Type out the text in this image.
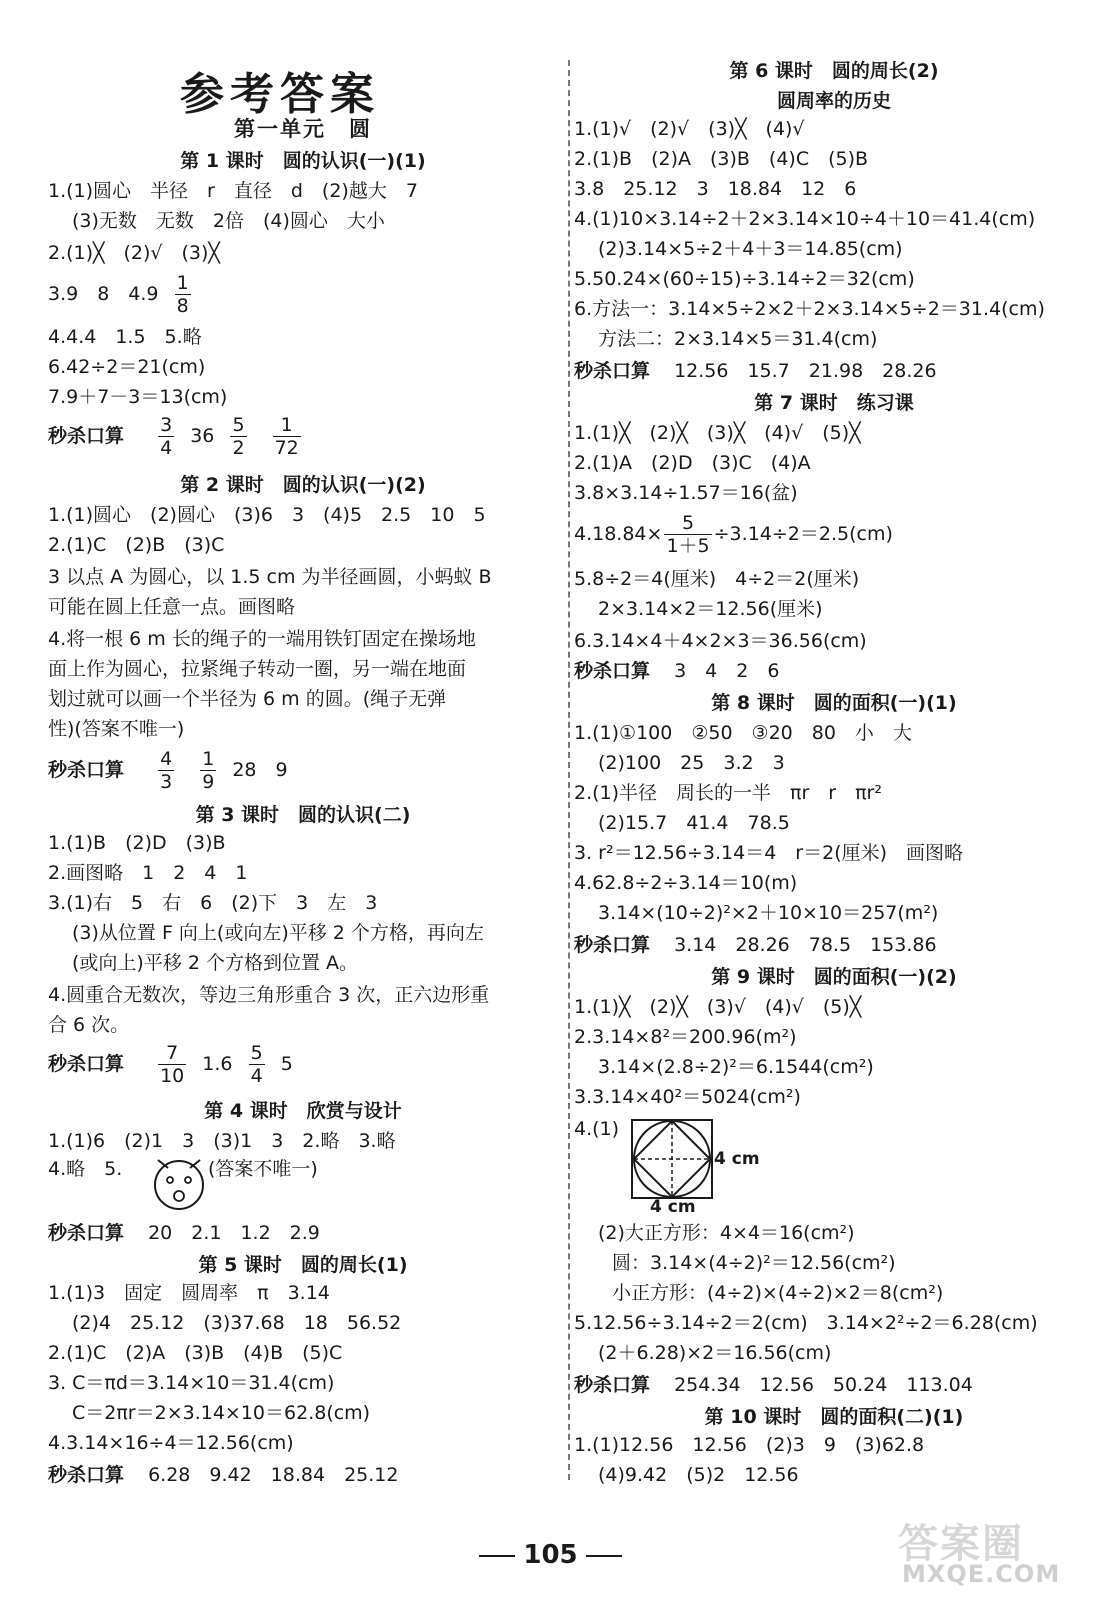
参考答案
第一单元　圆
第 1 课时　圆的认识(一)(1)
1.(1)圆心　半径　r　直径　d　(2)越大　7
(3)无数　无数　2倍　(4)圆心　大小
2.(1)╳　(2)√　(3)╳
3.9　8　$4.9 \frac{1}{8}$
4.4.4　1.5　5.略
6.42÷2＝21(cm)
7.9＋7－3＝13(cm)
秒杀口算 $\frac{3}{4} 36 \frac{5}{2}$
$\frac{1}{72}$
第 2 课时　圆的认识(一)(2)
1.(1)圆心　(2)圆心　(3)6　3　(4)5　2.5　10　5
2.(1)C　(2)B　(3)C
3 以点 A 为圆心，以 1.5 cm 为半径画圆，小蚂蚁 B
可能在圆上任意一点。画图略
4.将一根 6 m 长的绳子的一端用铁钉固定在操场地
面上作为圆心，拉紧绳子转动一圈，另一端在地面
划过就可以画一个半径为 6 m 的圆。(绳子无弹
性)(答案不唯一)
秒杀口算 $\frac{4}{3}$
$\frac{1}{9} 28$　9
第 3 课时　圆的认识(二)
1.(1)B　(2)D　(3)B
2.画图略　1　2　4　1
3.(1)右　5　右　6　(2)下　3　左　3
(3)从位置 F 向上(或向左)平移 2 个方格，再向左
(或向上)平移 2 个方格到位置 A。
4.圆重合无数次，等边三角形重合 3 次，正六边形重
合 6 次。
秒杀口算 $\frac{7}{10} 1.6 \frac{5}{4} 5$
第 4 课时　欣赏与设计
1.(1)6　(2)1　3　(3)1　3　2.略　3.略
4.略　5.	(答案不唯一)
秒杀口算 20　2.1　1.2　2.9
第 5 课时　圆的周长(1)
1.(1)3　固定　圆周率　π　3.14
(2)4　25.12　(3)37.68　18　56.52
2.(1)C　(2)A　(3)B　(4)B　(5)C
3. C＝πd＝3.14×10＝31.4(cm)
C＝2πr＝2×3.14×10＝62.8(cm)
4.3.14×16÷4＝12.56(cm)
秒杀口算 6.28　9.42　18.84　25.12
第 6 课时　圆的周长(2)
圆周率的历史
1.(1)√　(2)√　(3)╳　(4)√
2.(1)B　(2)A　(3)B　(4)C　(5)B
3.8　25.12　3　18.84　12　6
4.(1)10×3.14÷2＋2×3.14×10÷4＋10＝41.4(cm)
(2)3.14×5÷2＋4＋3＝14.85(cm)
5.50.24×(60÷15)÷3.14÷2＝32(cm)
6.方法一：3.14×5÷2×2＋2×3.14×5÷2＝31.4(cm)
方法二：2×3.14×5＝31.4(cm)
秒杀口算 12.56　15.7　21.98　28.26
第 7 课时　练习课
1.(1)╳　(2)╳　(3)╳　(4)√　(5)╳
2.(1)A　(2)D　(3)C　(4)A
3.8×3.14÷1.57＝16(盆)
$4.18.84\times \frac{5}{1+5} \div 3.14\div 2=2.5(cm)$
5.8÷2＝4(厘米)　4÷2＝2(厘米)
2×3.14×2＝12.56(厘米)
6.3.14×4＋4×2×3＝36.56(cm)
秒杀口算 3　4　2　6
第 8 课时　圆的面积(一)(1)
1.(1)①100　②50　③20　80　小　大
(2)100　25　3.2　3
2.(1)半径　周长的一半　πr　r　πr²
(2)15.7　41.4　78.5
3. r²＝12.56÷3.14＝4　r＝2(厘米)　画图略
4.62.8÷2÷3.14＝10(m)
3.14×(10÷2)²×2＋10×10＝257(m²)
秒杀口算 3.14　28.26　78.5　153.86
第 9 课时　圆的面积(一)(2)
1.(1)╳　(2)╳　(3)√　(4)√　(5)╳
2.3.14×8²＝200.96(m²)
3.14×(2.8÷2)²＝6.1544(cm²)
3.3.14×40²＝5024(cm²)
4.(1)
4 cm
4 cm
(2)大正方形：4×4＝16(cm²)
圆：3.14×(4÷2)²＝12.56(cm²)
小正方形：(4÷2)×(4÷2)×2＝8(cm²)
5.12.56÷3.14÷2＝2(cm)　3.14×2²÷2＝6.28(cm)
(2＋6.28)×2＝16.56(cm)
秒杀口算 254.34　12.56　50.24　113.04
第 10 课时　圆的面积(二)(1)
1.(1)12.56　12.56　(2)3　9　(3)62.8
(4)9.42　(5)2　12.56
105	答案圈
MXQE.COM
